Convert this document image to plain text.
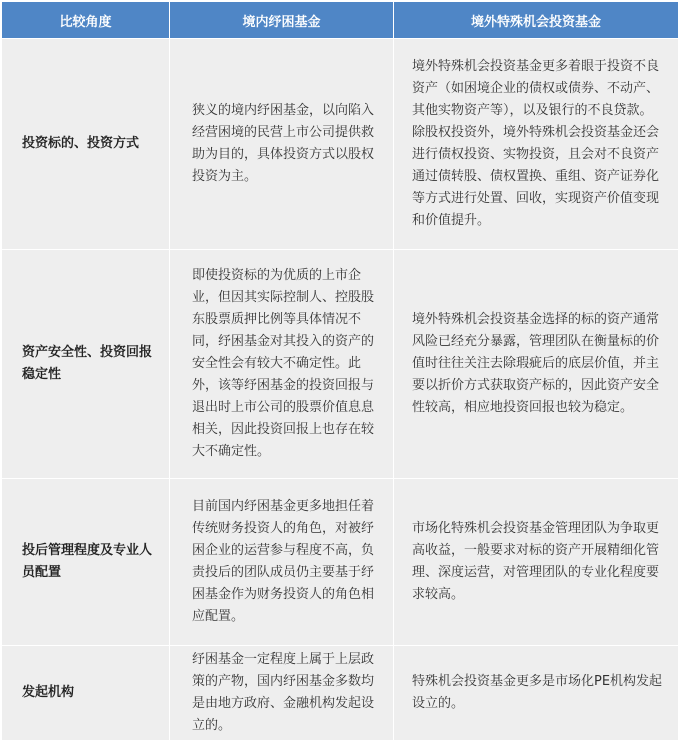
比较角度	境内纾困基金	境外特殊机会投资基金
投资标的、投资方式	狭义的境内纾困基金，以向陷入经营困境的民营上市公司提供救助为目的，具体投资方式以股权投资为主。	境外特殊机会投资基金更多着眼于投资不良资产（如困境企业的债权或债券、不动产、其他实物资产等），以及银行的不良贷款。除股权投资外，境外特殊机会投资基金还会进行债权投资、实物投资，且会对不良资产通过债转股、债权置换、重组、资产证券化等方式进行处置、回收，实现资产价值变现和价值提升。
资产安全性、投资回报稳定性	即使投资标的为优质的上市企业，但因其实际控制人、控股股东股票质押比例等具体情况不同，纾困基金对其投入的资产的安全性会有较大不确定性。此外，该等纾困基金的投资回报与退出时上市公司的股票价值息息相关，因此投资回报上也存在较大不确定性。	境外特殊机会投资基金选择的标的资产通常风险已经充分暴露，管理团队在衡量标的价值时往往关注去除瑕疵后的底层价值，并主要以折价方式获取资产标的，因此资产安全性较高，相应地投资回报也较为稳定。
投后管理程度及专业人员配置	目前国内纾困基金更多地担任着传统财务投资人的角色，对被纾困企业的运营参与程度不高，负责投后的团队成员仍主要基于纾困基金作为财务投资人的角色相应配置。	市场化特殊机会投资基金管理团队为争取更高收益，一般要求对标的资产开展精细化管理、深度运营，对管理团队的专业化程度要求较高。
发起机构	纾困基金一定程度上属于上层政策的产物，国内纾困基金多数均是由地方政府、金融机构发起设立的。	特殊机会投资基金更多是市场化PE机构发起设立的。
